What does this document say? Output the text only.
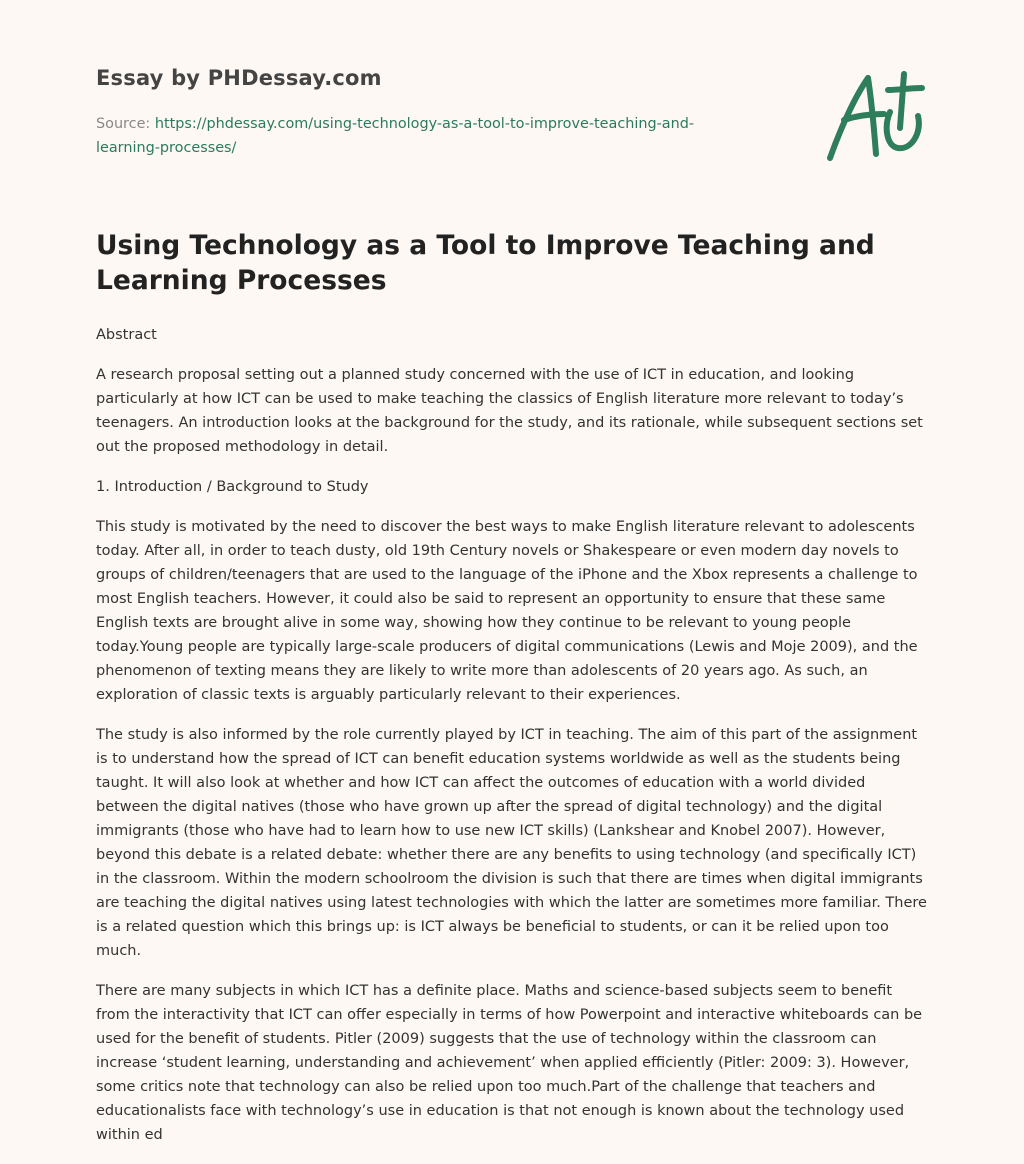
Essay by PHDessay.com

Source: https://phdessay.com/using-technology-as-a-tool-to-improve-teaching-and-learning-processes/

Using Technology as a Tool to Improve Teaching and Learning Processes

Abstract

A research proposal setting out a planned study concerned with the use of ICT in education, and looking particularly at how ICT can be used to make teaching the classics of English literature more relevant to today’s teenagers. An introduction looks at the background for the study, and its rationale, while subsequent sections set out the proposed methodology in detail.

1. Introduction / Background to Study

This study is motivated by the need to discover the best ways to make English literature relevant to adolescents today. After all, in order to teach dusty, old 19th Century novels or Shakespeare or even modern day novels to groups of children/teenagers that are used to the language of the iPhone and the Xbox represents a challenge to most English teachers. However, it could also be said to represent an opportunity to ensure that these same English texts are brought alive in some way, showing how they continue to be relevant to young people today.Young people are typically large-scale producers of digital communications (Lewis and Moje 2009), and the phenomenon of texting means they are likely to write more than adolescents of 20 years ago. As such, an exploration of classic texts is arguably particularly relevant to their experiences.

The study is also informed by the role currently played by ICT in teaching. The aim of this part of the assignment is to understand how the spread of ICT can benefit education systems worldwide as well as the students being taught. It will also look at whether and how ICT can affect the outcomes of education with a world divided between the digital natives (those who have grown up after the spread of digital technology) and the digital immigrants (those who have had to learn how to use new ICT skills) (Lankshear and Knobel 2007). However, beyond this debate is a related debate: whether there are any benefits to using technology (and specifically ICT) in the classroom. Within the modern schoolroom the division is such that there are times when digital immigrants are teaching the digital natives using latest technologies with which the latter are sometimes more familiar. There is a related question which this brings up: is ICT always be beneficial to students, or can it be relied upon too much.

There are many subjects in which ICT has a definite place. Maths and science-based subjects seem to benefit from the interactivity that ICT can offer especially in terms of how Powerpoint and interactive whiteboards can be used for the benefit of students. Pitler (2009) suggests that the use of technology within the classroom can increase ‘student learning, understanding and achievement’ when applied efficiently (Pitler: 2009: 3). However, some critics note that technology can also be relied upon too much.Part of the challenge that teachers and educationalists face with technology’s use in education is that not enough is known about the technology used within ed
